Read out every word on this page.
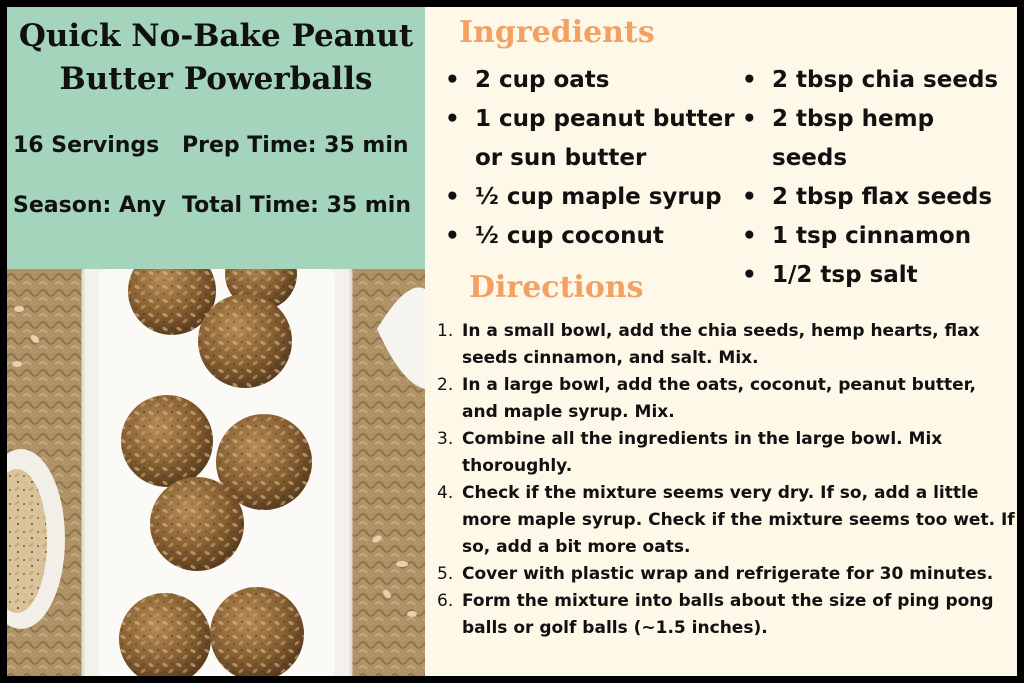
Quick No-Bake Peanut
Butter Powerballs
16 Servings Prep Time: 35 min
Season: Any Total Time: 35 min
Ingredients
• 2 cup oats
• 1 cup peanut butter or sun butter
• ½ cup maple syrup
• ½ cup coconut
• 2 tbsp chia seeds
• 2 tbsp hemp seeds
• 2 tbsp flax seeds
• 1 tsp cinnamon
• 1/2 tsp salt
Directions
1. In a small bowl, add the chia seeds, hemp hearts, flax seeds cinnamon, and salt. Mix.
2. In a large bowl, add the oats, coconut, peanut butter, and maple syrup. Mix.
3. Combine all the ingredients in the large bowl. Mix thoroughly.
4. Check if the mixture seems very dry. If so, add a little more maple syrup. Check if the mixture seems too wet. If so, add a bit more oats.
5. Cover with plastic wrap and refrigerate for 30 minutes.
6. Form the mixture into balls about the size of ping pong balls or golf balls (~1.5 inches).
